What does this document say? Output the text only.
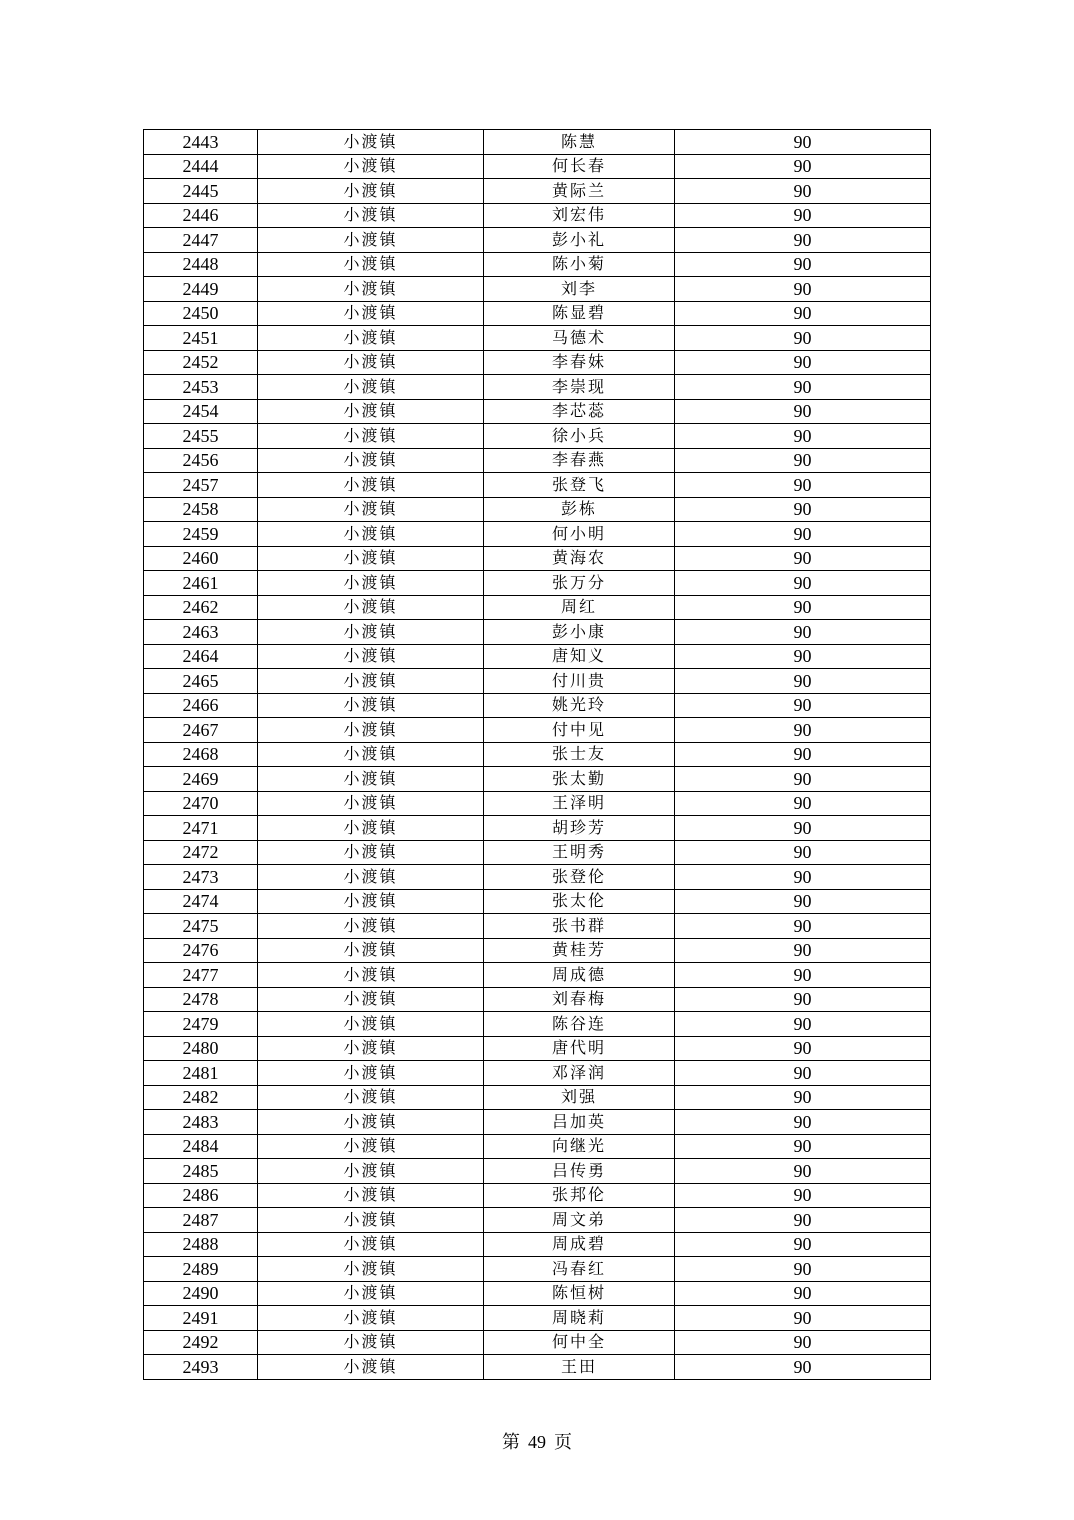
2443	小渡镇	陈慧	90
2444	小渡镇	何长春	90
2445	小渡镇	黄际兰	90
2446	小渡镇	刘宏伟	90
2447	小渡镇	彭小礼	90
2448	小渡镇	陈小菊	90
2449	小渡镇	刘李	90
2450	小渡镇	陈显碧	90
2451	小渡镇	马德术	90
2452	小渡镇	李春妹	90
2453	小渡镇	李崇现	90
2454	小渡镇	李芯蕊	90
2455	小渡镇	徐小兵	90
2456	小渡镇	李春燕	90
2457	小渡镇	张登飞	90
2458	小渡镇	彭栋	90
2459	小渡镇	何小明	90
2460	小渡镇	黄海农	90
2461	小渡镇	张万分	90
2462	小渡镇	周红	90
2463	小渡镇	彭小康	90
2464	小渡镇	唐知义	90
2465	小渡镇	付川贵	90
2466	小渡镇	姚光玲	90
2467	小渡镇	付中见	90
2468	小渡镇	张士友	90
2469	小渡镇	张太勤	90
2470	小渡镇	王泽明	90
2471	小渡镇	胡珍芳	90
2472	小渡镇	王明秀	90
2473	小渡镇	张登伦	90
2474	小渡镇	张太伦	90
2475	小渡镇	张书群	90
2476	小渡镇	黄桂芳	90
2477	小渡镇	周成德	90
2478	小渡镇	刘春梅	90
2479	小渡镇	陈谷连	90
2480	小渡镇	唐代明	90
2481	小渡镇	邓泽润	90
2482	小渡镇	刘强	90
2483	小渡镇	吕加英	90
2484	小渡镇	向继光	90
2485	小渡镇	吕传勇	90
2486	小渡镇	张邦伦	90
2487	小渡镇	周文弟	90
2488	小渡镇	周成碧	90
2489	小渡镇	冯春红	90
2490	小渡镇	陈恒树	90
2491	小渡镇	周晓莉	90
2492	小渡镇	何中全	90
2493	小渡镇	王田	90
第 49 页
